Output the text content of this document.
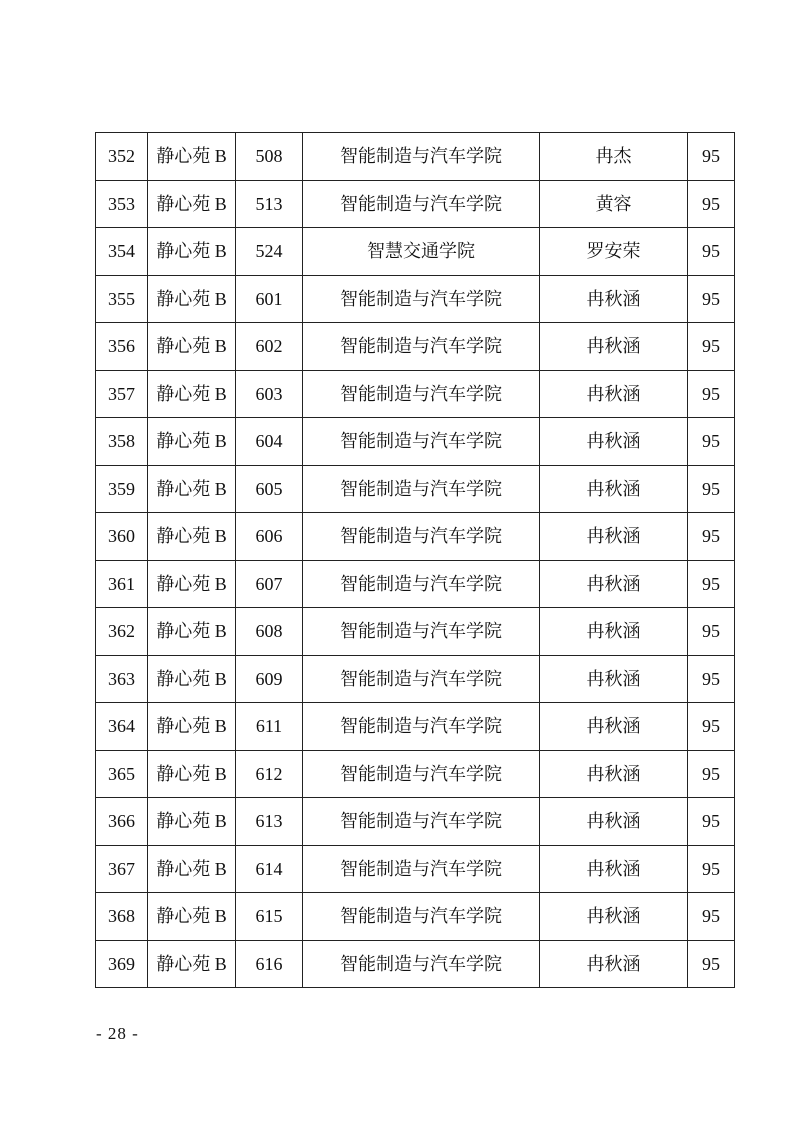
352	静心苑 B	508	智能制造与汽车学院	冉杰	95
353	静心苑 B	513	智能制造与汽车学院	黄容	95
354	静心苑 B	524	智慧交通学院	罗安荣	95
355	静心苑 B	601	智能制造与汽车学院	冉秋涵	95
356	静心苑 B	602	智能制造与汽车学院	冉秋涵	95
357	静心苑 B	603	智能制造与汽车学院	冉秋涵	95
358	静心苑 B	604	智能制造与汽车学院	冉秋涵	95
359	静心苑 B	605	智能制造与汽车学院	冉秋涵	95
360	静心苑 B	606	智能制造与汽车学院	冉秋涵	95
361	静心苑 B	607	智能制造与汽车学院	冉秋涵	95
362	静心苑 B	608	智能制造与汽车学院	冉秋涵	95
363	静心苑 B	609	智能制造与汽车学院	冉秋涵	95
364	静心苑 B	611	智能制造与汽车学院	冉秋涵	95
365	静心苑 B	612	智能制造与汽车学院	冉秋涵	95
366	静心苑 B	613	智能制造与汽车学院	冉秋涵	95
367	静心苑 B	614	智能制造与汽车学院	冉秋涵	95
368	静心苑 B	615	智能制造与汽车学院	冉秋涵	95
369	静心苑 B	616	智能制造与汽车学院	冉秋涵	95
- 28 -
